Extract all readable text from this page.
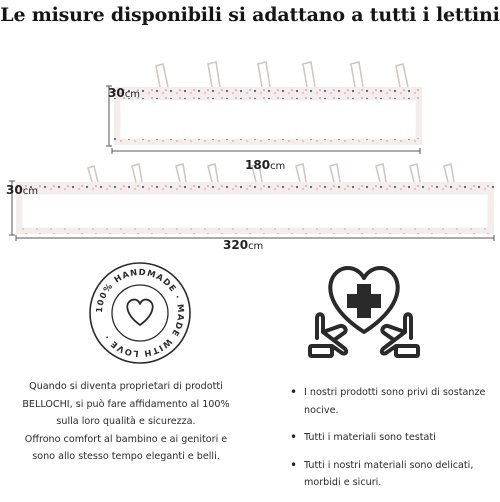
Le misure disponibili si adattano a tutti i lettini
30cm
180cm
30cm
320cm
100% HANDMADE · MADE WITH LOVE ·

Quando si diventa proprietari di prodotti

BELLOCHI, si può fare affidamento al 100%

sulla loro qualità e sicurezza.

Offrono comfort al bambino e ai genitori e

sono allo stesso tempo eleganti e belli.

• I nostri prodotti sono privi di sostanze nocive.
• Tutti i materiali sono testati
• Tutti i nostri materiali sono delicati, morbidi e sicuri.
